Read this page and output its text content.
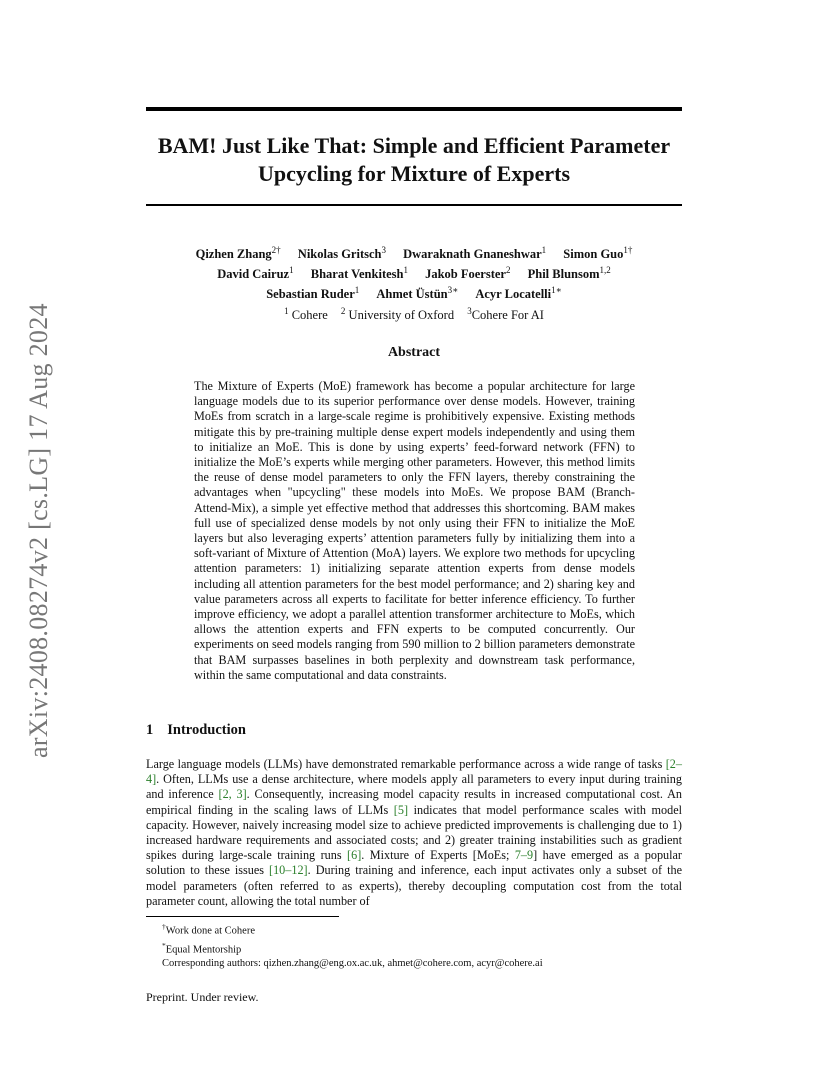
BAM! Just Like That: Simple and Efficient Parameter
Upcycling for Mixture of Experts
arXiv:2408.08274v2 [cs.LG] 17 Aug 2024
Qizhen Zhang$^{2\dagger}$ Nikolas Gritsch$^3$ Dwaraknath Gnaneshwar$^1$ Simon Guo$^{1\dagger}$
David Cairuz$^1$ Bharat Venkitesh$^1$ Jakob Foerster$^2$ Phil Blunsom$^{1,2}$
Sebastian Ruder$^1$ Ahmet Üstün$^{3∗}$ Acyr Locatelli$^{1∗}$
$^1$ Cohere $^2$ University of Oxford $^3$Cohere For AI
Abstract

The Mixture of Experts (MoE) framework has become a popular architecture for large language models due to its superior performance over dense models. However, training MoEs from scratch in a large-scale regime is prohibitively expensive. Existing methods mitigate this by pre-training multiple dense expert models independently and using them to initialize an MoE. This is done by using experts’ feed-forward network (FFN) to initialize the MoE’s experts while merging other parameters. However, this method limits the reuse of dense model parameters to only the FFN layers, thereby constraining the advantages when "upcycling" these models into MoEs. We propose BAM (Branch-Attend-Mix), a simple yet effective method that addresses this shortcoming. BAM makes full use of specialized dense models by not only using their FFN to initialize the MoE layers but also leveraging experts’ attention parameters fully by initializing them into a soft-variant of Mixture of Attention (MoA) layers. We explore two methods for upcycling attention parameters: 1) initializing separate attention experts from dense models including all attention parameters for the best model performance; and 2) sharing key and value parameters across all experts to facilitate for better inference efficiency. To further improve efficiency, we adopt a parallel attention transformer architecture to MoEs, which allows the attention experts and FFN experts to be computed concurrently. Our experiments on seed models ranging from 590 million to 2 billion parameters demonstrate that BAM surpasses baselines in both perplexity and downstream task performance, within the same computational and data constraints.

1 Introduction

Large language models (LLMs) have demonstrated remarkable performance across a wide range of tasks [2–4]. Often, LLMs use a dense architecture, where models apply all parameters to every input during training and inference [2, 3]. Consequently, increasing model capacity results in increased computational cost. An empirical finding in the scaling laws of LLMs [5] indicates that model performance scales with model capacity. However, naively increasing model size to achieve predicted improvements is challenging due to 1) increased hardware requirements and associated costs; and 2) greater training instabilities such as gradient spikes during large-scale training runs [6]. Mixture of Experts [MoEs; 7–9] have emerged as a popular solution to these issues [10–12]. During training and inference, each input activates only a subset of the model parameters (often referred to as experts), thereby decoupling computation cost from the total parameter count, allowing the total number of

†Work done at Cohere
*Equal Mentorship
Corresponding authors: qizhen.zhang@eng.ox.ac.uk, ahmet@cohere.com, acyr@cohere.ai
Preprint. Under review.
